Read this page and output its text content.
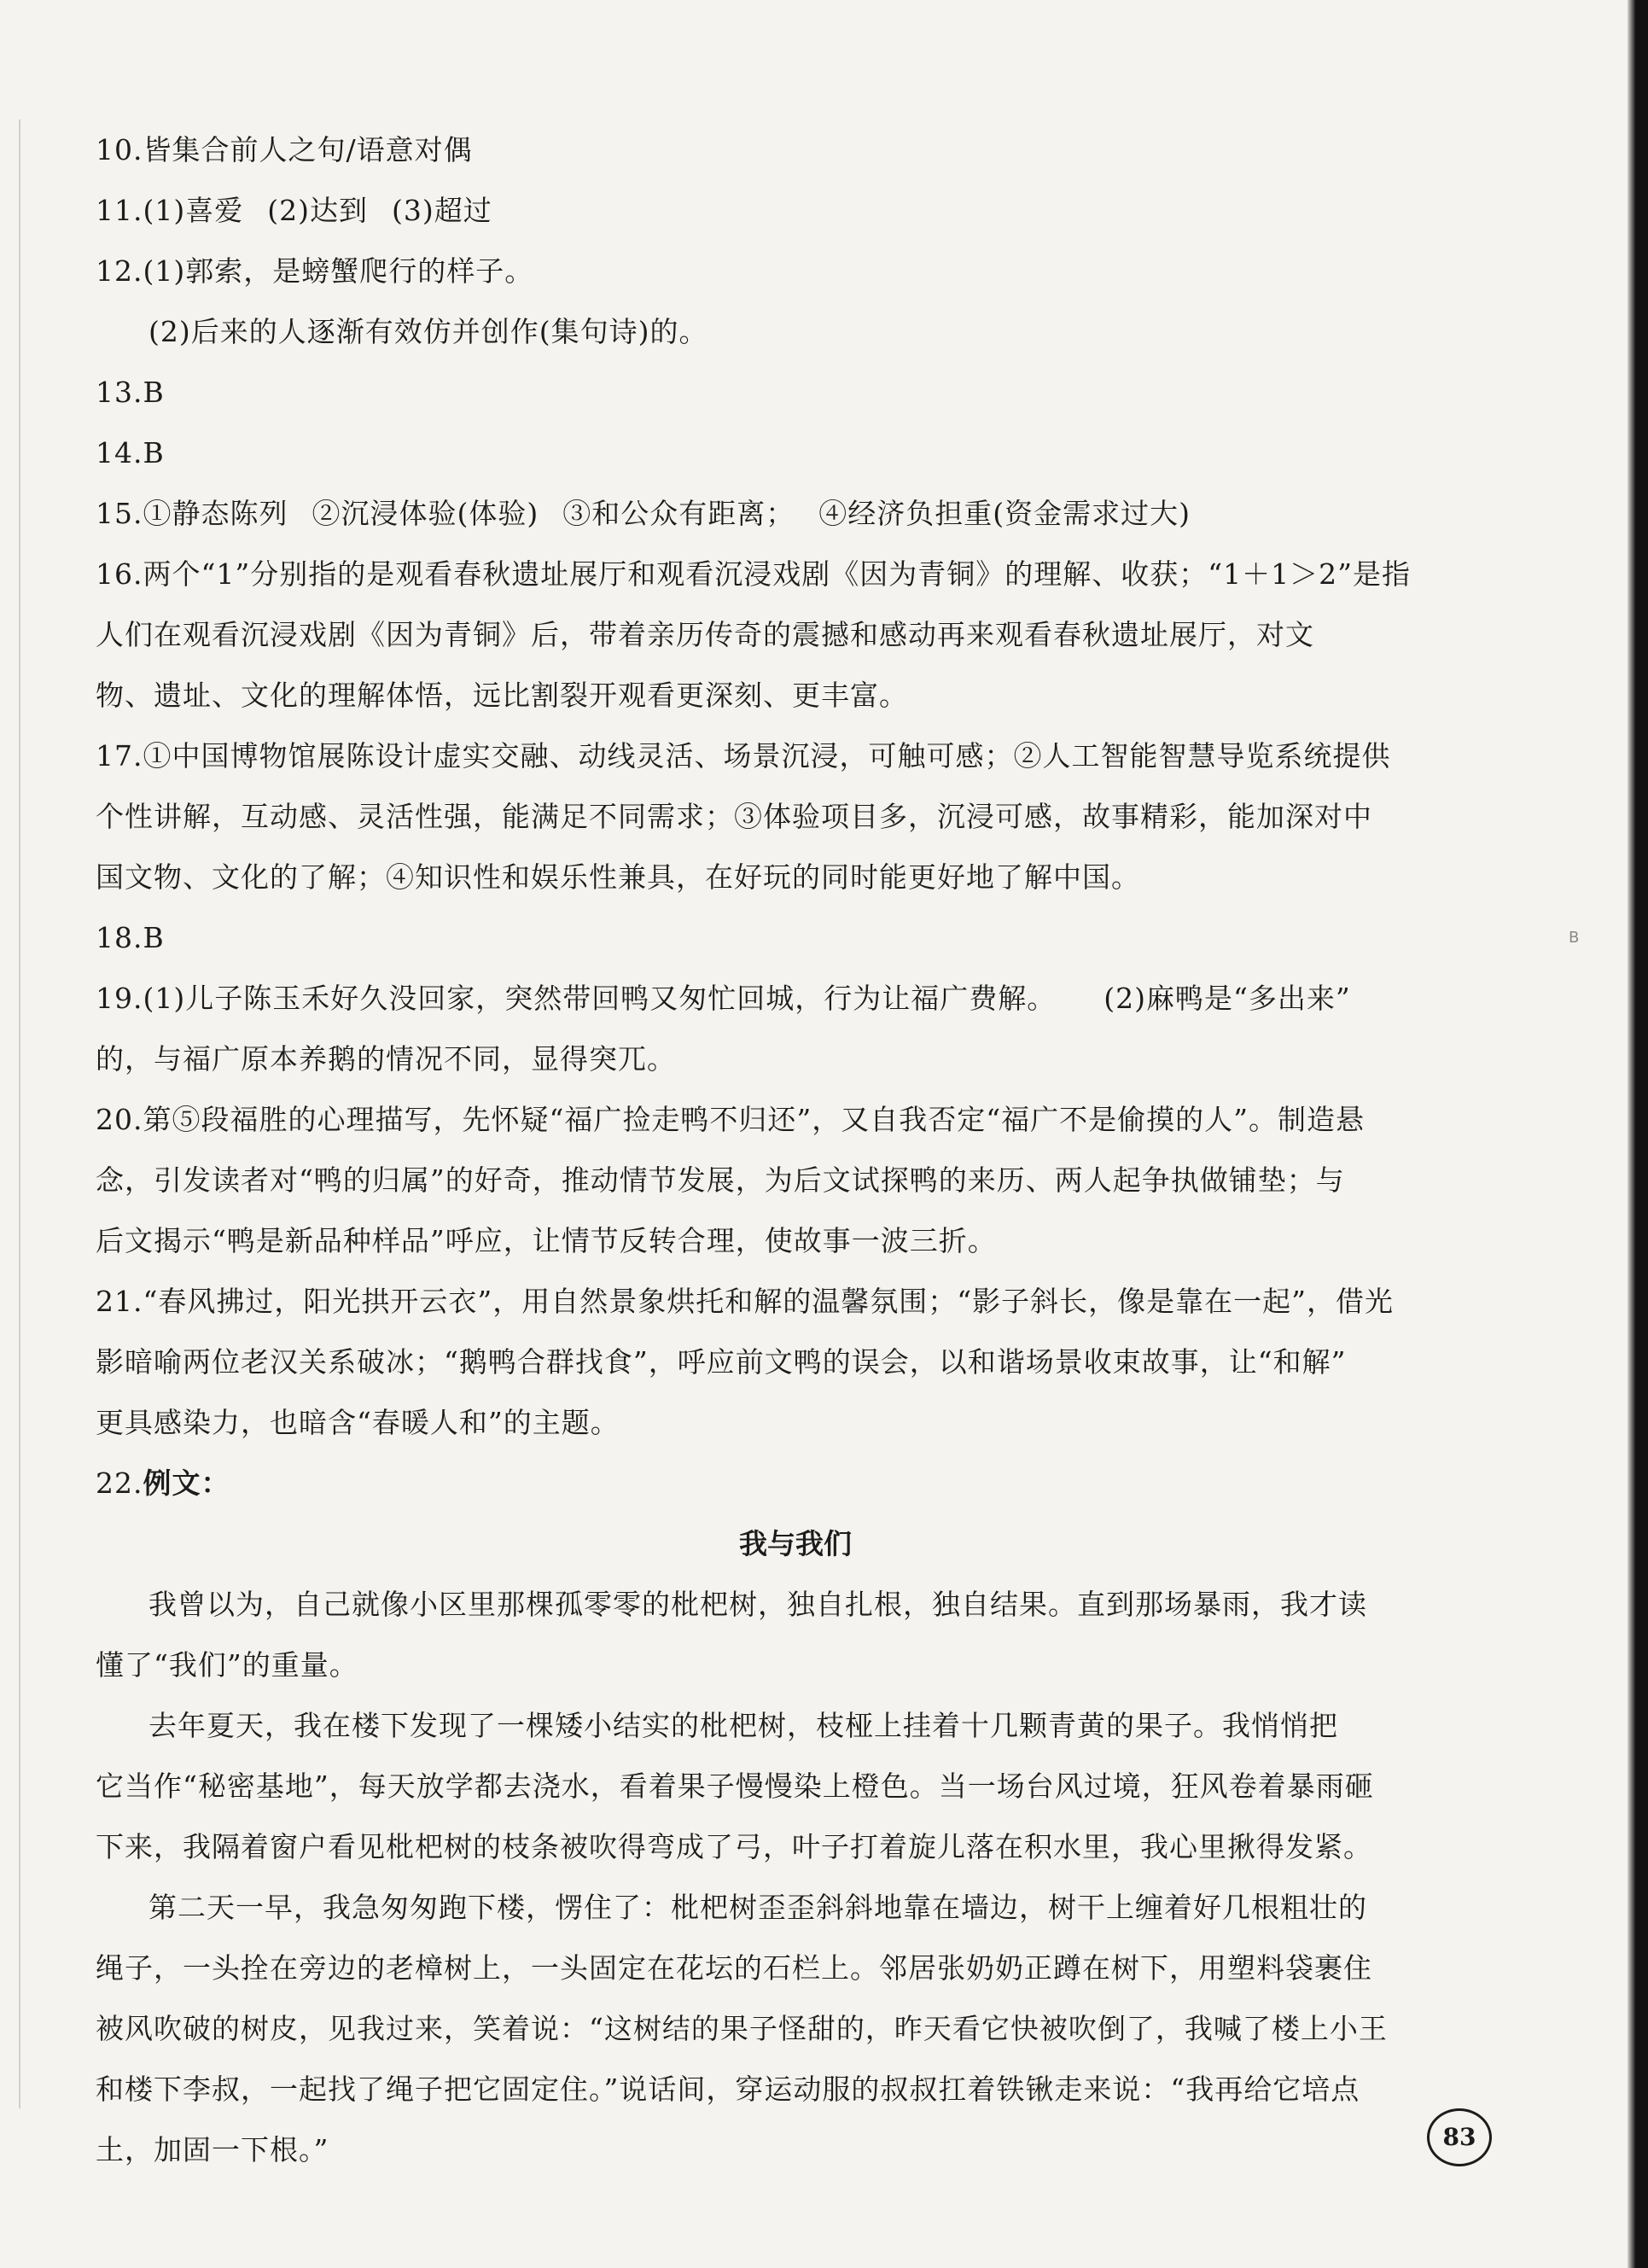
10.皆集合前人之句/语意对偶

11.(1)喜爱 (2)达到 (3)超过

12.(1)郭索，是螃蟹爬行的样子。

(2)后来的人逐渐有效仿并创作(集句诗)的。

13.B

14.B

15.①静态陈列 ②沉浸体验(体验) ③和公众有距离； ④经济负担重(资金需求过大)

16.两个“1”分别指的是观看春秋遗址展厅和观看沉浸戏剧《因为青铜》的理解、收获；“1＋1＞2”是指

人们在观看沉浸戏剧《因为青铜》后，带着亲历传奇的震撼和感动再来观看春秋遗址展厅，对文

物、遗址、文化的理解体悟，远比割裂开观看更深刻、更丰富。

17.①中国博物馆展陈设计虚实交融、动线灵活、场景沉浸，可触可感；②人工智能智慧导览系统提供

个性讲解，互动感、灵活性强，能满足不同需求；③体验项目多，沉浸可感，故事精彩，能加深对中

国文物、文化的了解；④知识性和娱乐性兼具，在好玩的同时能更好地了解中国。

18.B

19.(1)儿子陈玉禾好久没回家，突然带回鸭又匆忙回城，行为让福广费解。 (2)麻鸭是“多出来”

的，与福广原本养鹅的情况不同，显得突兀。

20.第⑤段福胜的心理描写，先怀疑“福广捡走鸭不归还”，又自我否定“福广不是偷摸的人”。制造悬

念，引发读者对“鸭的归属”的好奇，推动情节发展，为后文试探鸭的来历、两人起争执做铺垫；与

后文揭示“鸭是新品种样品”呼应，让情节反转合理，使故事一波三折。

21.“春风拂过，阳光拱开云衣”，用自然景象烘托和解的温馨氛围；“影子斜长，像是靠在一起”，借光

影暗喻两位老汉关系破冰；“鹅鸭合群找食”，呼应前文鸭的误会，以和谐场景收束故事，让“和解”

更具感染力，也暗含“春暖人和”的主题。

22.例文：

我与我们

我曾以为，自己就像小区里那棵孤零零的枇杷树，独自扎根，独自结果。直到那场暴雨，我才读

懂了“我们”的重量。

去年夏天，我在楼下发现了一棵矮小结实的枇杷树，枝桠上挂着十几颗青黄的果子。我悄悄把

它当作“秘密基地”，每天放学都去浇水，看着果子慢慢染上橙色。当一场台风过境，狂风卷着暴雨砸

下来，我隔着窗户看见枇杷树的枝条被吹得弯成了弓，叶子打着旋儿落在积水里，我心里揪得发紧。

第二天一早，我急匆匆跑下楼，愣住了：枇杷树歪歪斜斜地靠在墙边，树干上缠着好几根粗壮的

绳子，一头拴在旁边的老樟树上，一头固定在花坛的石栏上。邻居张奶奶正蹲在树下，用塑料袋裹住

被风吹破的树皮，见我过来，笑着说：“这树结的果子怪甜的，昨天看它快被吹倒了，我喊了楼上小王

和楼下李叔，一起找了绳子把它固定住。”说话间，穿运动服的叔叔扛着铁锹走来说：“我再给它培点

土，加固一下根。”

B
83
